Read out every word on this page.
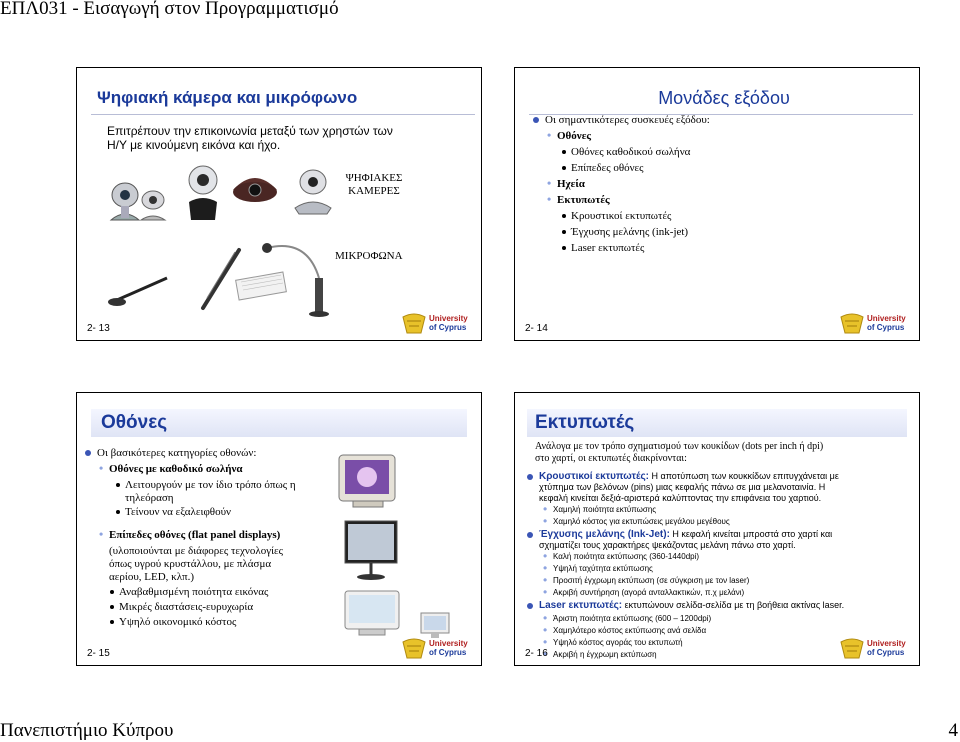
ΕΠΛ031 - Εισαγωγή στον Προγραμματισμό
Ψηφιακή κάμερα και μικρόφωνο
Επιτρέπουν την επικοινωνία μεταξύ των χρηστών των
Η/Υ με κινούμενη εικόνα και ήχο.
ΨΗΦΙΑΚΕΣ
ΚΑΜΕΡΕΣ
ΜΙΚΡΟΦΩΝΑ
2- 13
University
of Cyprus
Μονάδες εξόδου
Οι σημαντικότερες συσκευές εξόδου:
• Οθόνες
Οθόνες καθοδικού σωλήνα
Επίπεδες οθόνες
• Ηχεία
• Εκτυπωτές
Κρουστικοί εκτυπωτές
Έγχυσης μελάνης (ink-jet)
Laser εκτυπωτές
2- 14
University
of Cyprus
Οθόνες
Οι βασικότερες κατηγορίες οθονών:
• Οθόνες με καθοδικό σωλήνα
Λειτουργούν με τον ίδιο τρόπο όπως η
τηλεόραση
Τείνουν να εξαλειφθούν
• Επίπεδες οθόνες (flat panel displays)
(υλοποιούνται με διάφορες τεχνολογίες
όπως υγρού κρυστάλλου, με πλάσμα
αερίου, LED, κλπ.)
Αναβαθμισμένη ποιότητα εικόνας
Μικρές διαστάσεις-ευρυχωρία
Υψηλό οικονομικό κόστος
2- 15
University
of Cyprus
Εκτυπωτές
Ανάλογα με τον τρόπο σχηματισμού των κουκίδων (dots per inch ή dpi)
στο χαρτί, οι εκτυπωτές διακρίνονται:
Κρουστικοί εκτυπωτές: Η αποτύπωση των κουκκίδων επιτυγχάνεται με
χτύπημα των βελόνων (pins) μιας κεφαλής πάνω σε μια μελανοταινία. Η
κεφαλή κινείται δεξιά-αριστερά καλύπτοντας την επιφάνεια του χαρτιού.
• Χαμηλή ποιότητα εκτύπωσης
• Χαμηλό κόστος για εκτυπώσεις μεγάλου μεγέθους
Έγχυσης μελάνης (Ink-Jet): Η κεφαλή κινείται μπροστά στο χαρτί και
σχηματίζει τους χαρακτήρες ψεκάζοντας μελάνη πάνω στο χαρτί.
• Καλή ποιότητα εκτύπωσης (360-1440dpi)
• Υψηλή ταχύτητα εκτύπωσης
• Προσιτή έγχρωμη εκτύπωση (σε σύγκριση με τον laser)
• Ακριβή συντήρηση (αγορά ανταλλακτικών, π.χ μελάνι)
Laser εκτυπωτές: εκτυπώνουν σελίδα-σελίδα με τη βοήθεια ακτίνας laser.
• Άριστη ποιότητα εκτύπωσης (600 – 1200dpi)
• Χαμηλότερο κόστος εκτύπωσης ανά σελίδα
• Υψηλό κόστος αγοράς του εκτυπωτή
• Ακριβή η έγχρωμη εκτύπωση
2- 16
University
of Cyprus
Πανεπιστήμιο Κύπρου	4
